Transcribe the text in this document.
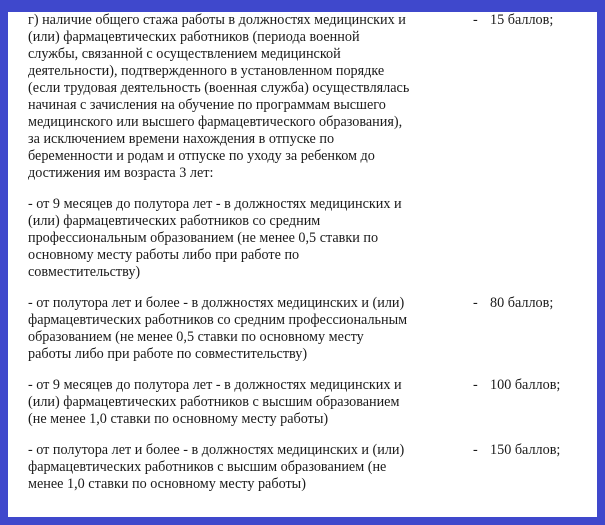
г) наличие общего стажа работы в должностях медицинских и
(или) фармацевтических работников (периода военной
службы, связанной с осуществлением медицинской
деятельности), подтвержденного в установленном порядке
(если трудовая деятельность (военная служба) осуществлялась
начиная с зачисления на обучение по программам высшего
медицинского или высшего фармацевтического образования),
за исключением времени нахождения в отпуске по
беременности и родам и отпуске по уходу за ребенком до
достижения им возраста 3 лет:
- 15 баллов;
- от 9 месяцев до полутора лет - в должностях медицинских и
(или) фармацевтических работников со средним
профессиональным образованием (не менее 0,5 ставки по
основному месту работы либо при работе по
совместительству)
- от полутора лет и более - в должностях медицинских и (или)
фармацевтических работников со средним профессиональным
образованием (не менее 0,5 ставки по основному месту
работы либо при работе по совместительству)
- 80 баллов;
- от 9 месяцев до полутора лет - в должностях медицинских и
(или) фармацевтических работников с высшим образованием
(не менее 1,0 ставки по основному месту работы)
- 100 баллов;
- от полутора лет и более - в должностях медицинских и (или)
фармацевтических работников с высшим образованием (не
менее 1,0 ставки по основному месту работы)
- 150 баллов;
